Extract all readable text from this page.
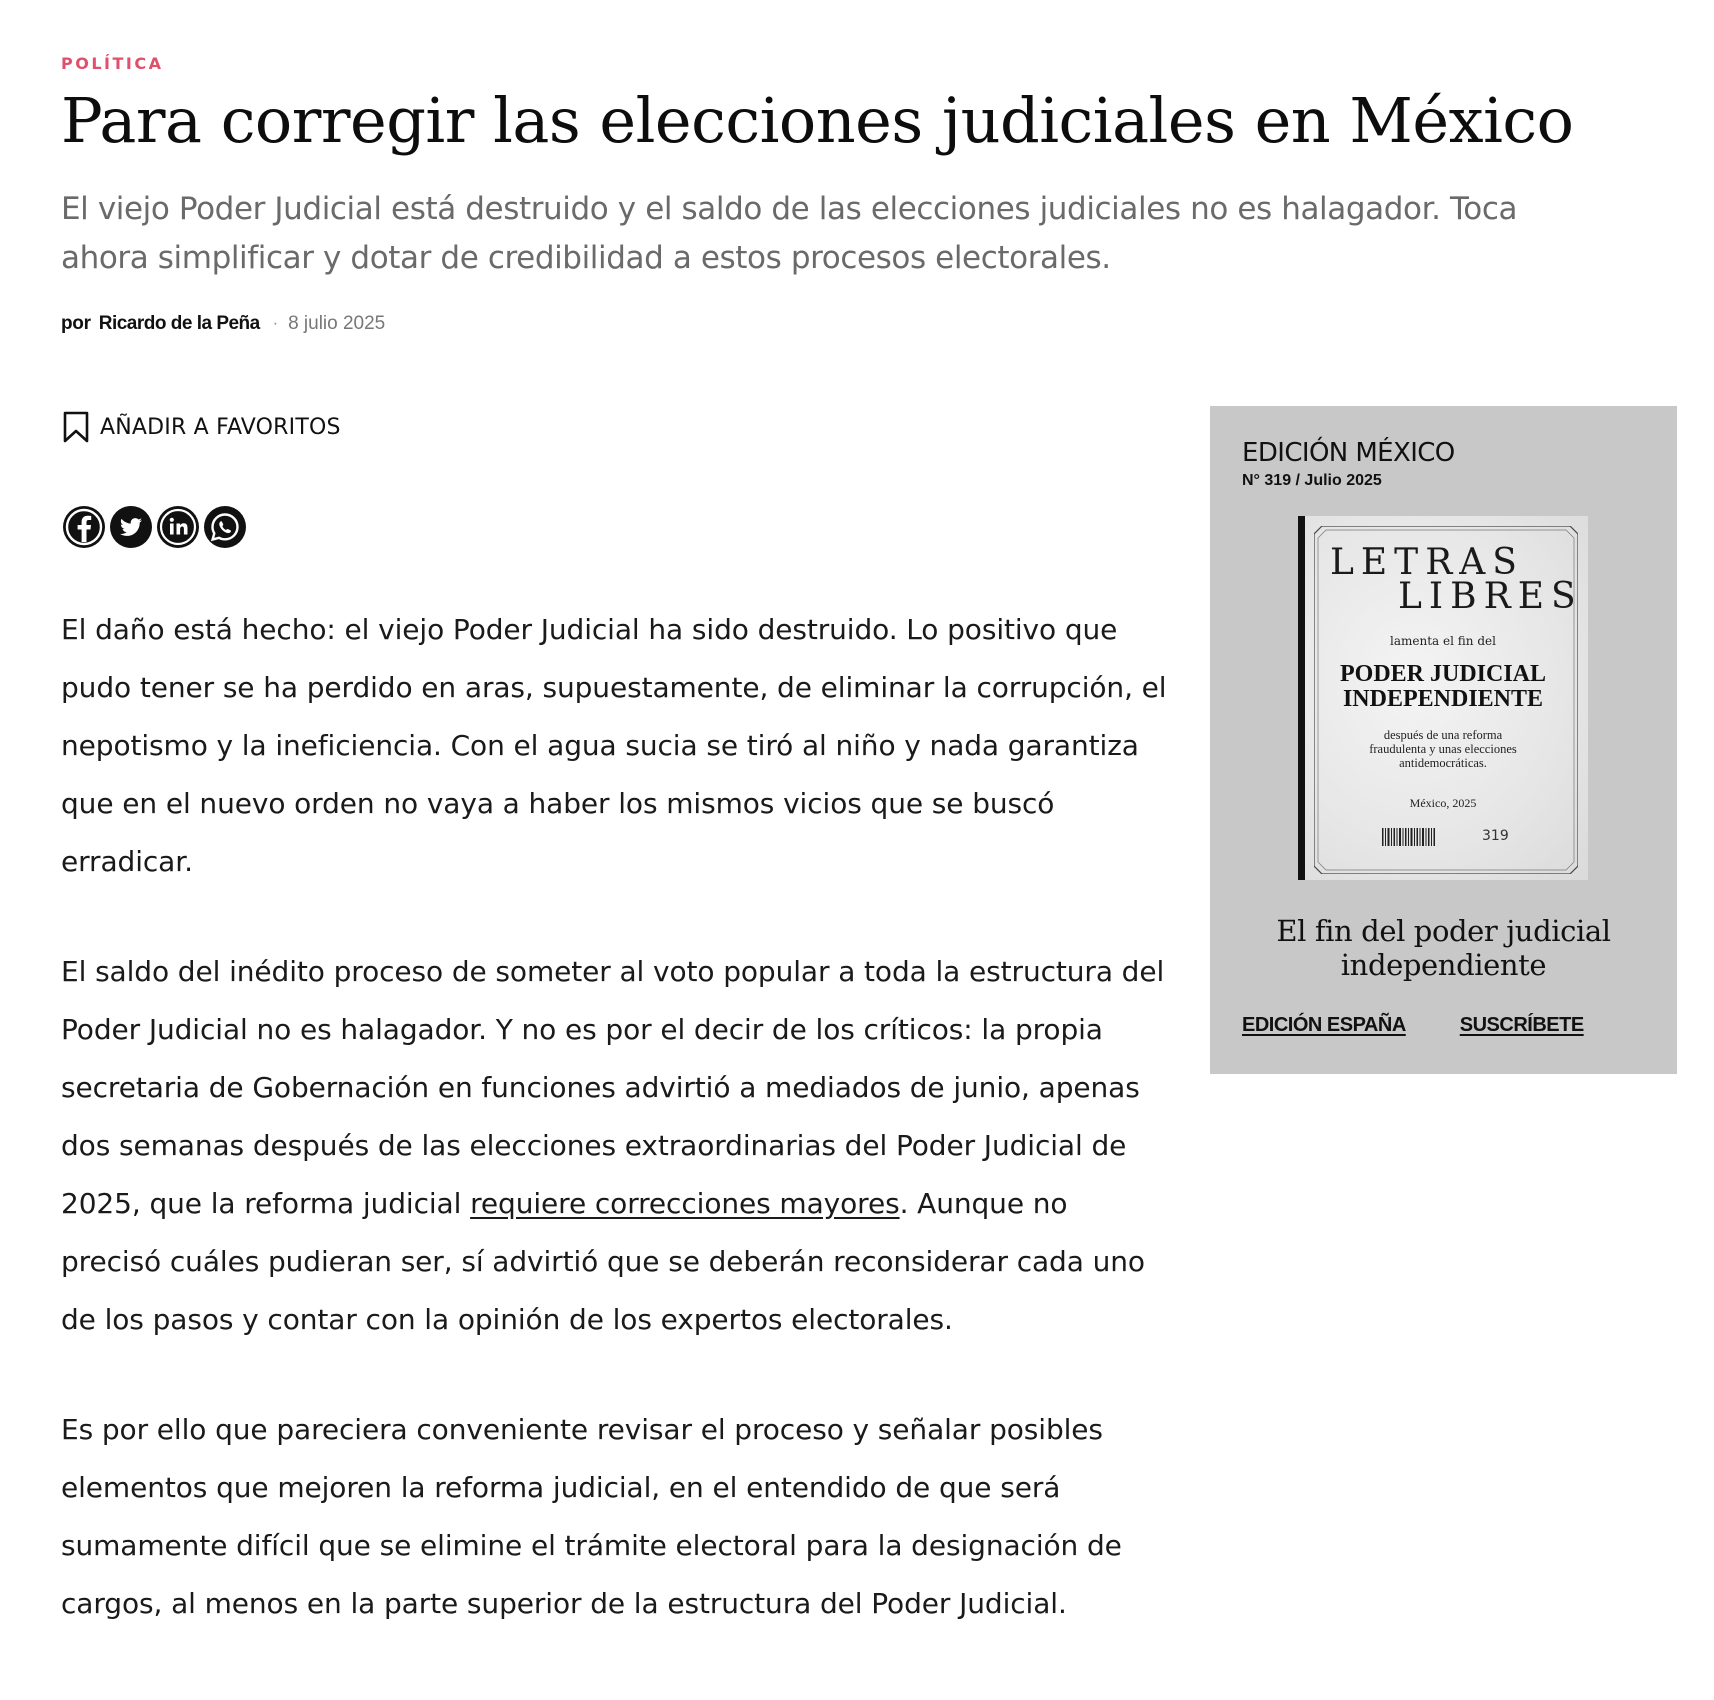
POLÍTICA
Para corregir las elecciones judiciales en México

El viejo Poder Judicial está destruido y el saldo de las elecciones judiciales no es halagador. Toca ahora simplificar y dotar de credibilidad a estos procesos electorales.

por Ricardo de la Peña · 8 julio 2025
AÑADIR A FAVORITOS

El daño está hecho: el viejo Poder Judicial ha sido destruido. Lo positivo que pudo tener se ha perdido en aras, supuestamente, de eliminar la corrupción, el nepotismo y la ineficiencia. Con el agua sucia se tiró al niño y nada garantiza que en el nuevo orden no vaya a haber los mismos vicios que se buscó erradicar.

El saldo del inédito proceso de someter al voto popular a toda la estructura del Poder Judicial no es halagador. Y no es por el decir de los críticos: la propia secretaria de Gobernación en funciones advirtió a mediados de junio, apenas dos semanas después de las elecciones extraordinarias del Poder Judicial de 2025, que la reforma judicial requiere correcciones mayores. Aunque no precisó cuáles pudieran ser, sí advirtió que se deberán reconsiderar cada uno de los pasos y contar con la opinión de los expertos electorales.

Es por ello que pareciera conveniente revisar el proceso y señalar posibles elementos que mejoren la reforma judicial, en el entendido de que será sumamente difícil que se elimine el trámite electoral para la designación de cargos, al menos en la parte superior de la estructura del Poder Judicial.

EDICIÓN MÉXICO
N° 319 / Julio 2025
LETRAS
LIBRES
lamenta el fin del
PODER JUDICIAL
INDEPENDIENTE
después de una reforma
fraudulenta y unas elecciones
antidemocráticas.
México, 2025
319
El fin del poder judicial
independiente
EDICIÓN ESPAÑA	SUSCRÍBETE
